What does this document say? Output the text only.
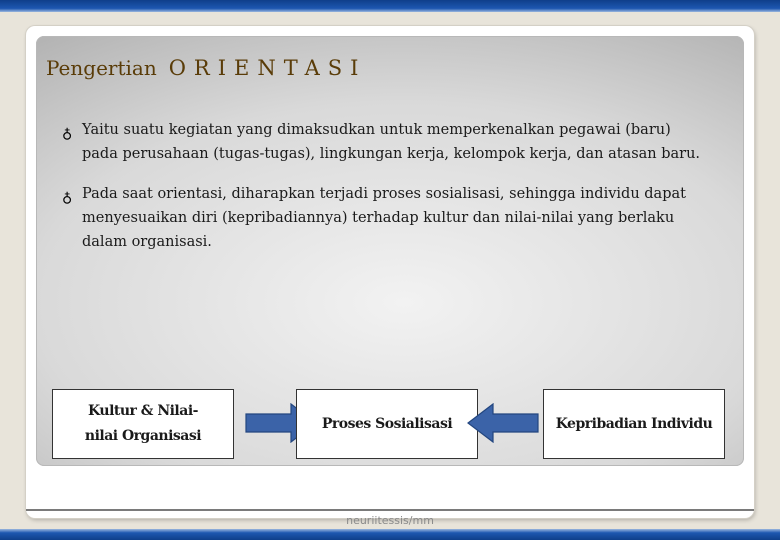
Pengertian ORIENTASI

♁ Yaitu suatu kegiatan yang dimaksudkan untuk memperkenalkan pegawai (baru) pada perusahaan (tugas-tugas), lingkungan kerja, kelompok kerja, dan atasan baru.

♁ Pada saat orientasi, diharapkan terjadi proses sosialisasi, sehingga individu dapat menyesuaikan diri (kepribadiannya) terhadap kultur dan nilai-nilai yang berlaku dalam organisasi.

Kultur & Nilai-nilai Organisasi
Proses Sosialisasi	Kepribadian Individu
neuriitessis/mm
